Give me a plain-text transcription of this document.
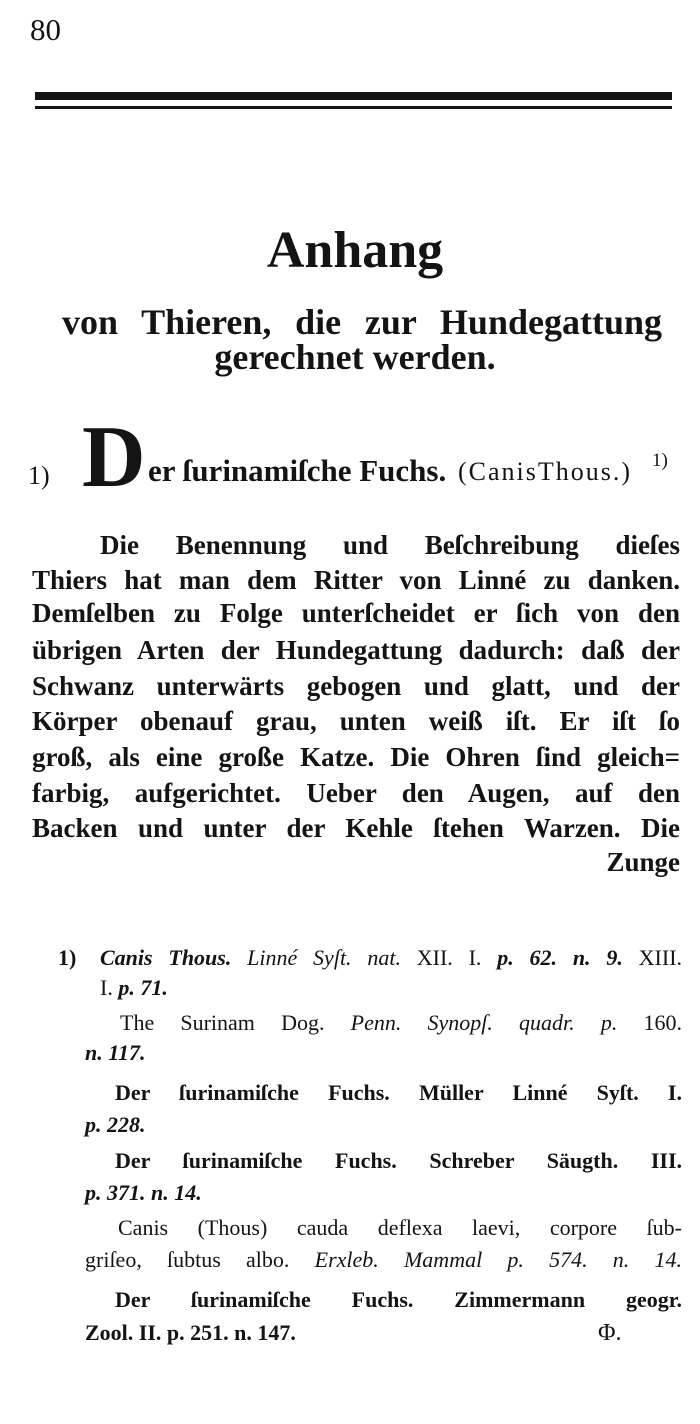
80
Anhang
von Thieren, die zur Hundegattung
gerechnet werden.
1) D er ſurinamiſche Fuchs. (CanisThous.) 1)
Die Benennung und Beſchreibung dieſes
Thiers hat man dem Ritter von Linné zu danken.
Demſelben zu Folge unterſcheidet er ſich von den
übrigen Arten der Hundegattung dadurch: daß der
Schwanz unterwärts gebogen und glatt, und der
Körper obenauf grau, unten weiß iſt. Er iſt ſo
groß, als eine große Katze. Die Ohren ſind gleich=
farbig, aufgerichtet. Ueber den Augen, auf den
Backen und unter der Kehle ſtehen Warzen. Die
Zunge
1) Canis Thous. Linné Syſt. nat. XII. I. p. 62. n. 9. XIII.
I. p. 71.
The Surinam Dog. Penn. Synopſ. quadr. p. 160.
n. 117.
Der ſurinamiſche Fuchs. Müller Linné Syſt. I.
p. 228.
Der ſurinamiſche Fuchs. Schreber Säugth. III.
p. 371. n. 14.
Canis (Thous) cauda deflexa laevi, corpore ſub-
griſeo, ſubtus albo. Erxleb. Mammal p. 574. n. 14.
Der ſurinamiſche Fuchs. Zimmermann geogr.
Zool. II. p. 251. n. 147.	Φ.
